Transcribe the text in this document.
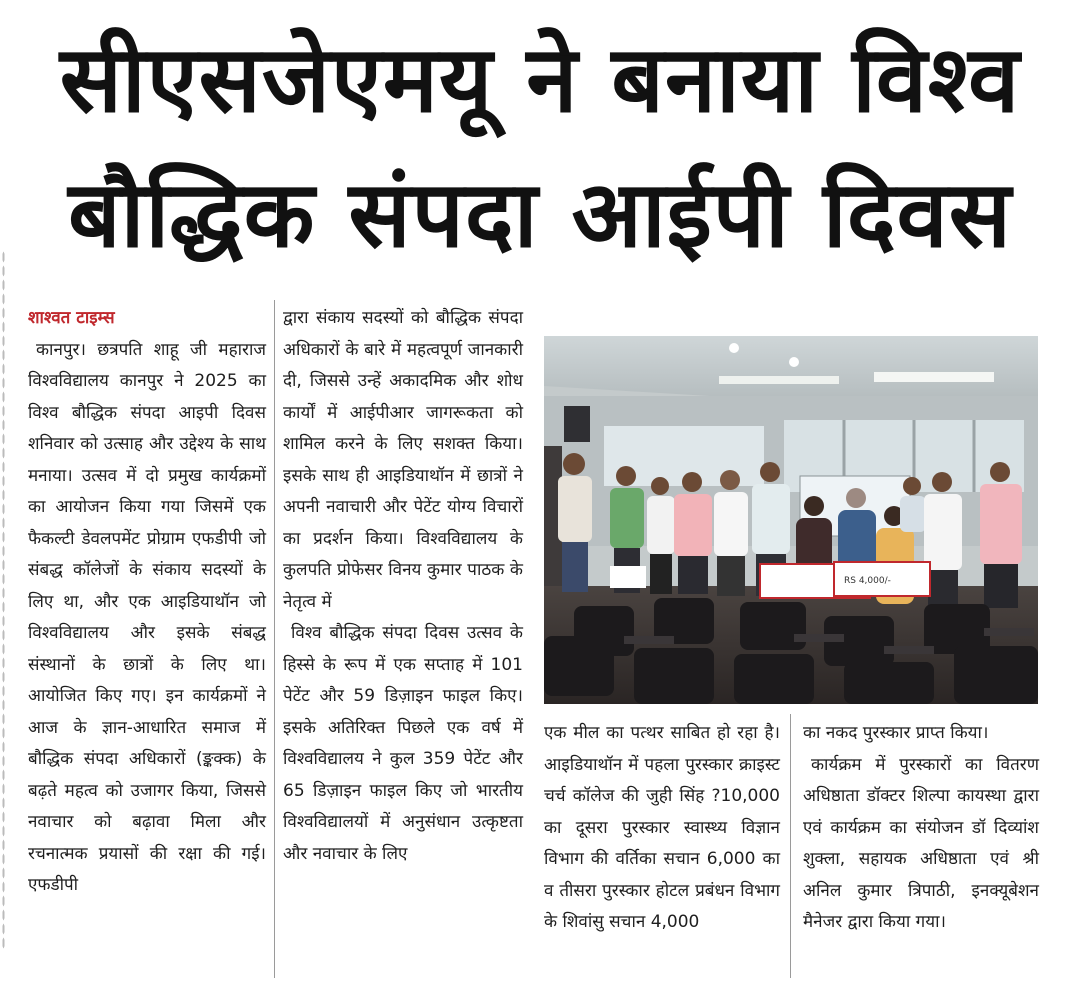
सीएसजेएमयू ने बनाया विश्व
बौद्धिक संपदा आईपी दिवस
शाश्वत टाइम्स

कानपुर। छत्रपति शाहू जी महाराज विश्वविद्यालय कानपुर ने 2025 का विश्व बौद्धिक संपदा आइपी दिवस शनिवार को उत्साह और उद्देश्य के साथ मनाया। उत्सव में दो प्रमुख कार्यक्रमों का आयोजन किया गया जिसमें एक फैकल्टी डेवलपमेंट प्रोग्राम एफडीपी जो संबद्ध कॉलेजों के संकाय सदस्यों के लिए था, और एक आइडियाथॉन जो विश्वविद्यालय और इसके संबद्ध संस्थानों के छात्रों के लिए था। आयोजित किए गए। इन कार्यक्रमों ने आज के ज्ञान-आधारित समाज में बौद्धिक संपदा अधिकारों (ङ्कक्क) के बढ़ते महत्व को उजागर किया, जिससे नवाचार को बढ़ावा मिला और रचनात्मक प्रयासों की रक्षा की गई। एफडीपी

द्वारा संकाय सदस्यों को बौद्धिक संपदा अधिकारों के बारे में महत्वपूर्ण जानकारी दी, जिससे उन्हें अकादमिक और शोध कार्यों में आईपीआर जागरूकता को शामिल करने के लिए सशक्त किया। इसके साथ ही आइडियाथॉन में छात्रों ने अपनी नवाचारी और पेटेंट योग्य विचारों का प्रदर्शन किया। विश्वविद्यालय के कुलपति प्रोफेसर विनय कुमार पाठक के नेतृत्व में

विश्व बौद्धिक संपदा दिवस उत्सव के हिस्से के रूप में एक सप्ताह में 101 पेटेंट और 59 डिज़ाइन फाइल किए। इसके अतिरिक्त पिछले एक वर्ष में विश्वविद्यालय ने कुल 359 पेटेंट और 65 डिज़ाइन फाइल किए जो भारतीय विश्वविद्यालयों में अनुसंधान उत्कृष्टता और नवाचार के लिए

RS 4,000/-

एक मील का पत्थर साबित हो रहा है।आइडियाथॉन में पहला पुरस्कार क्राइस्ट चर्च कॉलेज की जुही सिंह ?10,000 का दूसरा पुरस्कार स्वास्थ्य विज्ञान विभाग की वर्तिका सचान 6,000 का व तीसरा पुरस्कार होटल प्रबंधन विभाग के शिवांसु सचान 4,000

का नकद पुरस्कार प्राप्त किया।

कार्यक्रम में पुरस्कारों का वितरण अधिष्ठाता डॉक्टर शिल्पा कायस्था द्वारा एवं कार्यक्रम का संयोजन डॉ दिव्यांश शुक्ला, सहायक अधिष्ठाता एवं श्री अनिल कुमार त्रिपाठी, इनक्यूबेशन मैनेजर द्वारा किया गया।
